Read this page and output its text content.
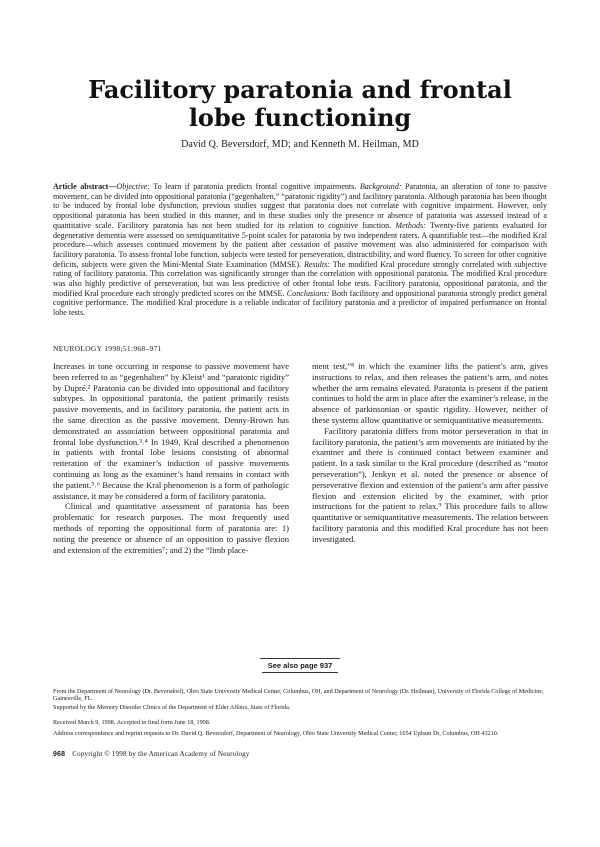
Facilitory paratonia and frontal
lobe functioning
David Q. Beversdorf, MD; and Kenneth M. Heilman, MD
Article abstract—Objective: To learn if paratonia predicts frontal cognitive impairments. Background: Paratonia, an alteration of tone to passive movement, can be divided into oppositional paratonia (“gegenhalten,” “paratonic rigidity”) and facilitory paratonia. Although paratonia has been thought to be induced by frontal lobe dysfunction, previous studies suggest that paratonia does not correlate with cognitive impairment. However, only oppositional paratonia has been studied in this manner, and in these studies only the presence or absence of paratonia was assessed instead of a quantitative scale. Facilitory paratonia has not been studied for its relation to cognitive function. Methods: Twenty-five patients evaluated for degenerative dementia were assessed on semiquantitative 5-point scales for paratonia by two independent raters. A quantifiable test—the modified Kral procedure—which assesses continued movement by the patient after cessation of passive movement was also administered for comparison with facilitory paratonia. To assess frontal lobe function, subjects were tested for perseveration, distractibility, and word fluency. To screen for other cognitive deficits, subjects were given the Mini-Mental State Examination (MMSE). Results: The modified Kral procedure strongly correlated with subjective rating of facilitory paratonia. This correlation was significantly stronger than the correlation with oppositional paratonia. The modified Kral procedure was also highly predictive of perseveration, but was less predictive of other frontal lobe tests. Facilitory paratonia, oppositional paratonia, and the modified Kral procedure each strongly predicted scores on the MMSE. Conclusions: Both facilitory and oppositional paratonia strongly predict general cognitive performance. The modified Kral procedure is a reliable indicator of facilitory paratonia and a predictor of impaired performance on frontal lobe tests.
NEUROLOGY 1998;51:968–971

Increases in tone occurring in response to passive movement have been referred to as “gegenhalten” by Kleist¹ and “paratonic rigidity” by Dupré.² Paratonia can be divided into oppositional and facilitory subtypes. In oppositional paratonia, the patient primarily resists passive movements, and in facilitory paratonia, the patient acts in the same direction as the passive movement. Denny-Brown has demonstrated an association between oppositional paratonia and frontal lobe dysfunction.³˒⁴ In 1949, Kral described a phenomenon in patients with frontal lobe lesions consisting of abnormal reiteration of the examiner’s induction of passive movements continuing as long as the examiner’s hand remains in contact with the patient.⁵˒⁶ Because the Kral phenomenon is a form of pathologic assistance, it may be considered a form of facilitory paratonia.

Clinical and quantitative assessment of paratonia has been problematic for research purposes. The most frequently used methods of reporting the oppositional form of paratonia are: 1) noting the presence or absence of an opposition to passive flexion and extension of the extremities⁷; and 2) the “limb place-

ment test,”⁸ in which the examiner lifts the patient’s arm, gives instructions to relax, and then releases the patient’s arm, and notes whether the arm remains elevated. Paratonia is present if the patient continues to hold the arm in place after the examiner’s release, in the absence of parkinsonian or spastic rigidity. However, neither of these systems allow quantitative or semiquantitative measurements.

Facilitory paratonia differs from motor perseveration in that in facilitory paratonia, the patient’s arm movements are initiated by the examiner and there is continued contact between examiner and patient. In a task similar to the Kral procedure (described as “motor perseveration”), Jenkyn et al. noted the presence or absence of perseverative flexion and extension of the patient’s arm after passive flexion and extension elicited by the examiner, with prior instructions for the patient to relax.⁹ This procedure fails to allow quantitative or semiquantitative measurements. The relation between facilitory paratonia and this modified Kral procedure has not been investigated.

See also page 937
From the Department of Neurology (Dr. Beversdorf), Ohio State University Medical Center, Columbus, OH, and Department of Neurology (Dr. Heilman), University of Florida College of Medicine, Gainesville, FL.
Supported by the Memory Disorder Clinics of the Department of Elder Affairs, State of Florida.
Received March 9, 1998. Accepted in final form June 18, 1998.
Address correspondence and reprint requests to Dr. David Q. Beversdorf, Department of Neurology, Ohio State University Medical Center, 1654 Upham Dr, Columbus, OH 43210.
968 Copyright © 1998 by the American Academy of Neurology
